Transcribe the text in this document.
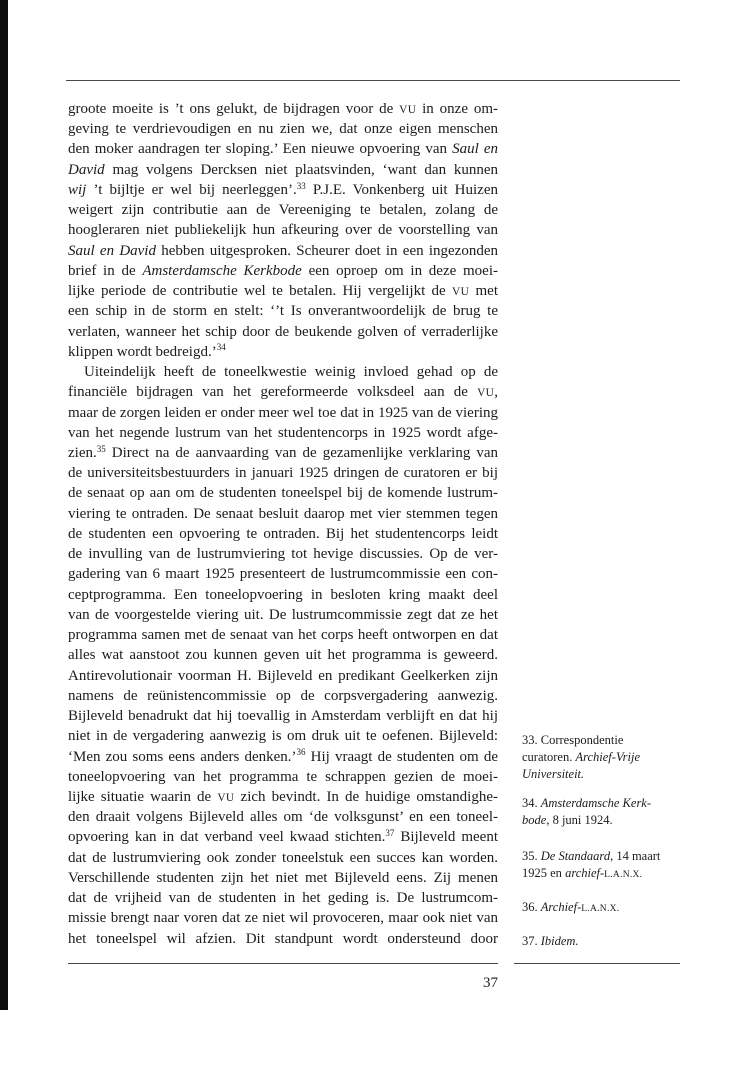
groote moeite is ’t ons gelukt, de bijdragen voor de VU in onze om-
geving te verdrievoudigen en nu zien we, dat onze eigen menschen
den moker aandragen ter sloping.’ Een nieuwe opvoering van Saul en
David mag volgens Dercksen niet plaatsvinden, ‘want dan kunnen
wij ’t bijltje er wel bij neerleggen’.$^{33}$ P.J.E. Vonkenberg uit Huizen
weigert zijn contributie aan de Vereeniging te betalen, zolang de
hoogleraren niet publiekelijk hun afkeuring over de voorstelling van
Saul en David hebben uitgesproken. Scheurer doet in een ingezonden
brief in de Amsterdamsche Kerkbode een oproep om in deze moei-
lijke periode de contributie wel te betalen. Hij vergelijkt de VU met
een schip in de storm en stelt: ‘’t Is onverantwoordelijk de brug te
verlaten, wanneer het schip door de beukende golven of verraderlijke
klippen wordt bedreigd.’$^{34}$
Uiteindelijk heeft de toneelkwestie weinig invloed gehad op de
financiële bijdragen van het gereformeerde volksdeel aan de VU,
maar de zorgen leiden er onder meer wel toe dat in 1925 van de viering
van het negende lustrum van het studentencorps in 1925 wordt afge-
zien.$^{35}$ Direct na de aanvaarding van de gezamenlijke verklaring van
de universiteitsbestuurders in januari 1925 dringen de curatoren er bij
de senaat op aan om de studenten toneelspel bij de komende lustrum-
viering te ontraden. De senaat besluit daarop met vier stemmen tegen
de studenten een opvoering te ontraden. Bij het studentencorps leidt
de invulling van de lustrumviering tot hevige discussies. Op de ver-
gadering van 6 maart 1925 presenteert de lustrumcommissie een con-
ceptprogramma. Een toneelopvoering in besloten kring maakt deel
van de voorgestelde viering uit. De lustrumcommissie zegt dat ze het
programma samen met de senaat van het corps heeft ontworpen en dat
alles wat aanstoot zou kunnen geven uit het programma is geweerd.
Antirevolutionair voorman H. Bijleveld en predikant Geelkerken zijn
namens de reünistencommissie op de corpsvergadering aanwezig.
Bijleveld benadrukt dat hij toevallig in Amsterdam verblijft en dat hij
niet in de vergadering aanwezig is om druk uit te oefenen. Bijleveld:
‘Men zou soms eens anders denken.’$^{36}$ Hij vraagt de studenten om de
toneelopvoering van het programma te schrappen gezien de moei-
lijke situatie waarin de VU zich bevindt. In de huidige omstandighe-
den draait volgens Bijleveld alles om ‘de volksgunst’ en een toneel-
opvoering kan in dat verband veel kwaad stichten.$^{37}$ Bijleveld meent
dat de lustrumviering ook zonder toneelstuk een succes kan worden.
Verschillende studenten zijn het niet met Bijleveld eens. Zij menen
dat de vrijheid van de studenten in het geding is. De lustrumcom-
missie brengt naar voren dat ze niet wil provoceren, maar ook niet van
het toneelspel wil afzien. Dit standpunt wordt ondersteund door
37
33. Correspondentie
curatoren. Archief-Vrije
Universiteit.
34. Amsterdamsche Kerk-
bode, 8 juni 1924.
35. De Standaard, 14 maart
1925 en archief-L.A.N.X.
36. Archief-L.A.N.X.
37. Ibidem.
